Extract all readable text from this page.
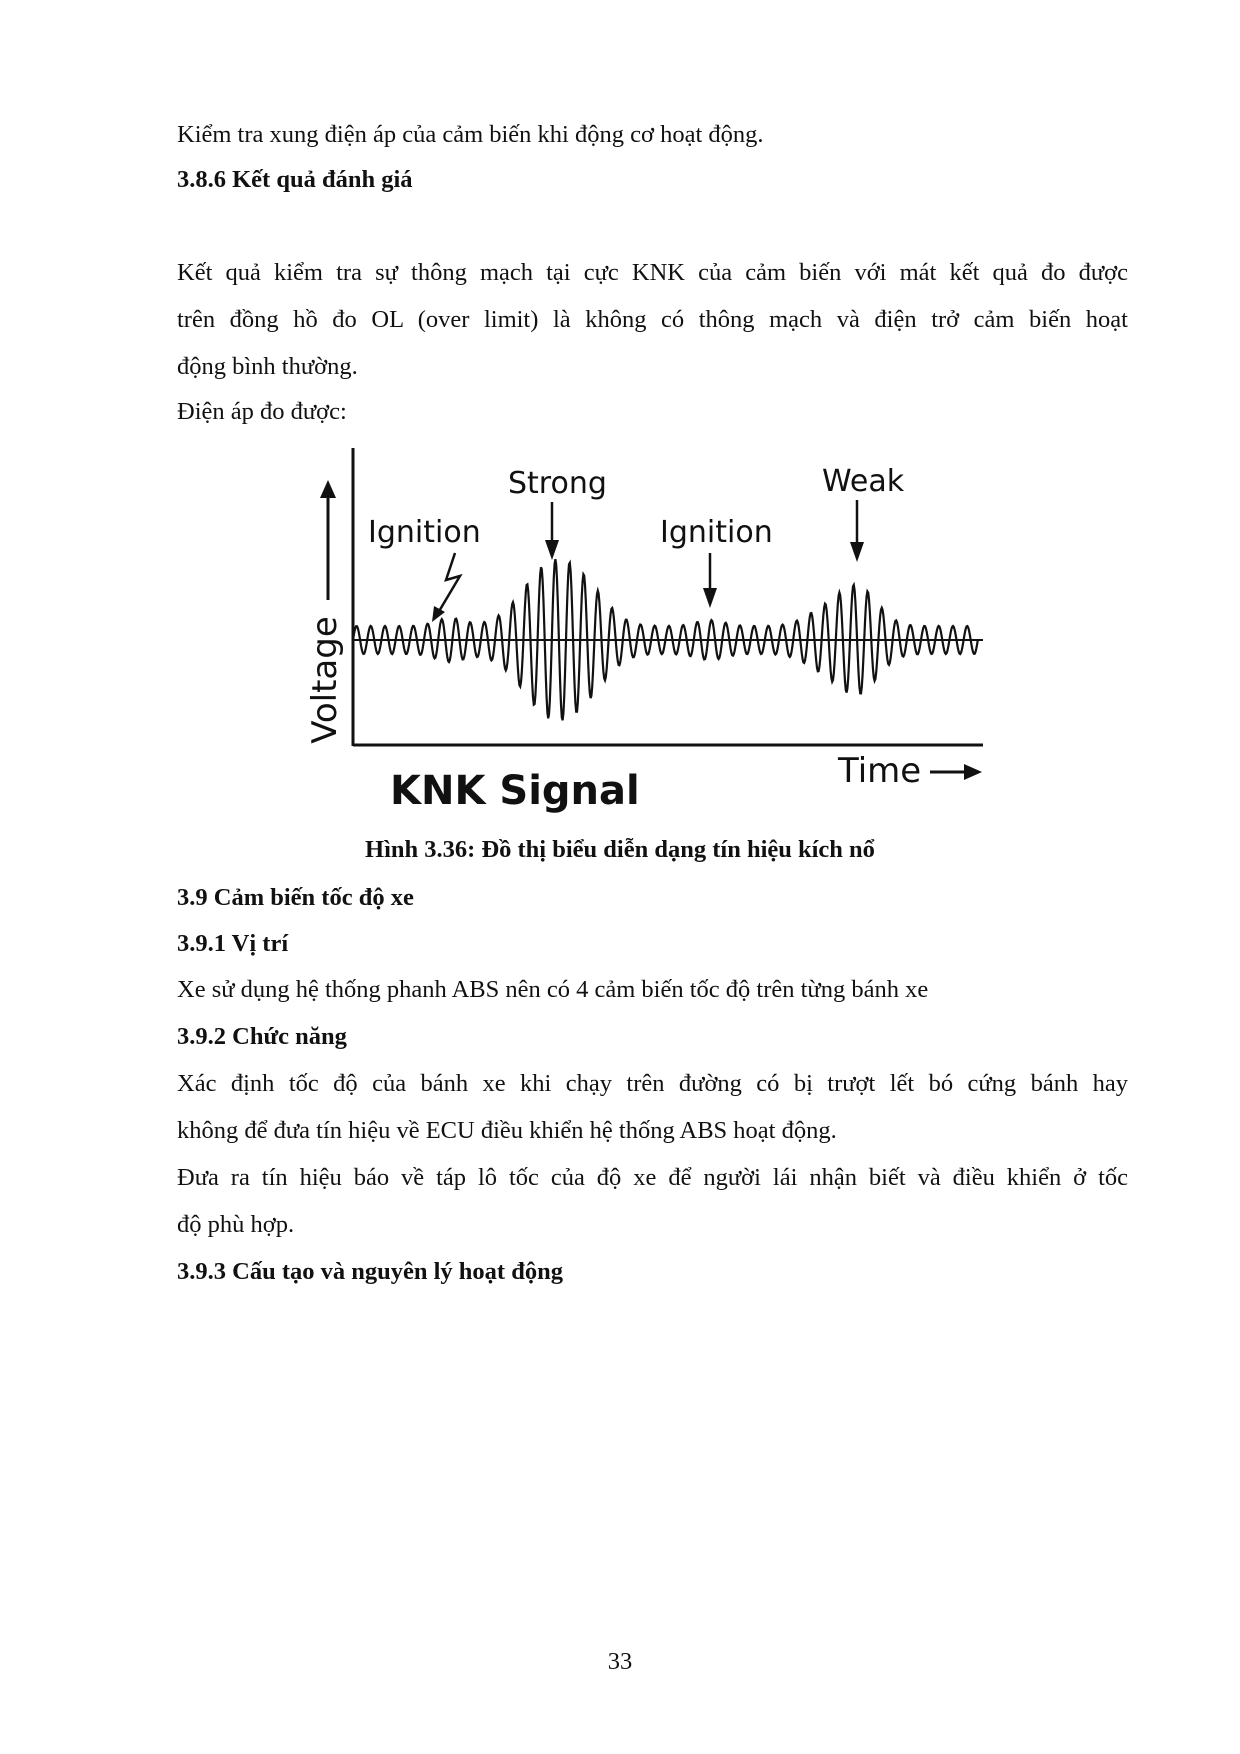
Kiểm tra xung điện áp của cảm biến khi động cơ hoạt động.
3.8.6 Kết quả đánh giá
Kết quả kiểm tra sự thông mạch tại cực KNK của cảm biến với mát kết quả đo được
trên đồng hồ đo OL (over limit) là không có thông mạch và điện trở cảm biến hoạt
động bình thường.
Điện áp đo được:
Voltage
Time
KNK Signal
Ignition
Strong
Ignition
Weak
Hình 3.36: Đồ thị biểu diễn dạng tín hiệu kích nổ
3.9 Cảm biến tốc độ xe
3.9.1 Vị trí
Xe sử dụng hệ thống phanh ABS nên có 4 cảm biến tốc độ trên từng bánh xe
3.9.2 Chức năng
Xác định tốc độ của bánh xe khi chạy trên đường có bị trượt lết bó cứng bánh hay
không để đưa tín hiệu về ECU điều khiển hệ thống ABS hoạt động.
Đưa ra tín hiệu báo về táp lô tốc của độ xe để người lái nhận biết và điều khiển ở tốc
độ phù hợp.
3.9.3 Cấu tạo và nguyên lý hoạt động
33
